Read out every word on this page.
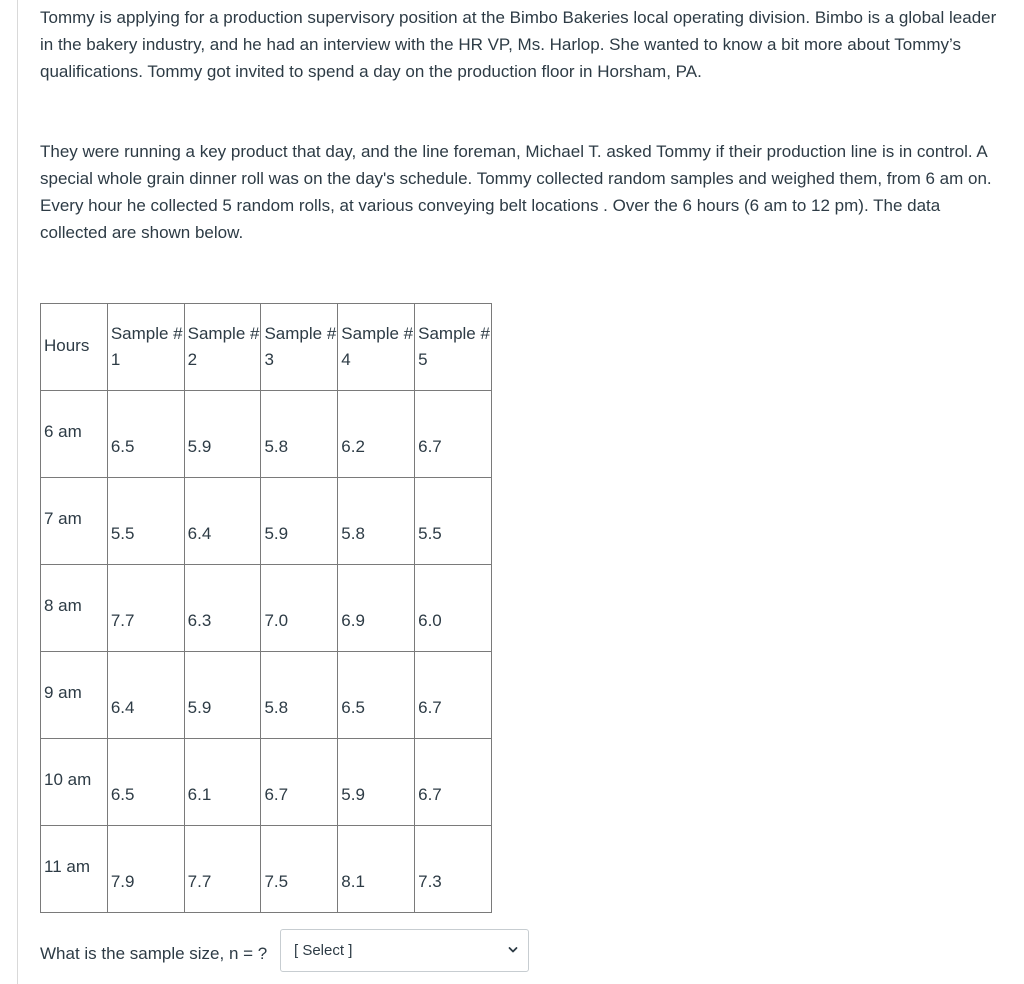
Tommy is applying for a production supervisory position at the Bimbo Bakeries local operating division. Bimbo is a global leader in the bakery industry, and he had an interview with the HR VP, Ms. Harlop. She wanted to know a bit more about Tommy’s qualifications. Tommy got invited to spend a day on the production floor in Horsham, PA.

They were running a key product that day, and the line foreman, Michael T. asked Tommy if their production line is in control. A special whole grain dinner roll was on the day's schedule. Tommy collected random samples and weighed them, from 6 am on. Every hour he collected 5 random rolls, at various conveying belt locations . Over the 6 hours (6 am to 12 pm). The data collected are shown below.

Hours	Sample # 1	Sample # 2	Sample # 3	Sample # 4	Sample # 5

6 am	6.5	5.9	5.8	6.2	6.7

7 am	5.5	6.4	5.9	5.8	5.5

8 am	7.7	6.3	7.0	6.9	6.0

9 am	6.4	5.9	5.8	6.5	6.7

10 am	6.5	6.1	6.7	5.9	6.7

11 am	7.9	7.7	7.5	8.1	7.3
What is the sample size, n = ? [ Select ]
